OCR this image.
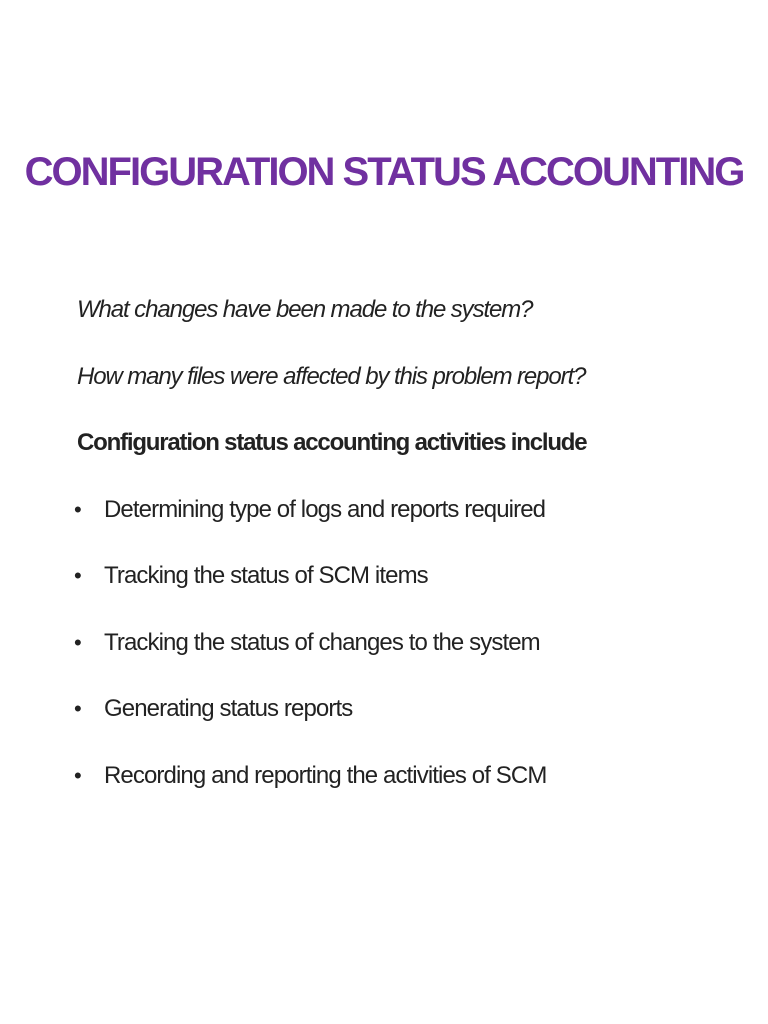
CONFIGURATION STATUS ACCOUNTING
What changes have been made to the system?
How many files were affected by this problem report?
Configuration status accounting activities include
• Determining type of logs and reports required
• Tracking the status of SCM items
• Tracking the status of changes to the system
• Generating status reports
• Recording and reporting the activities of SCM
